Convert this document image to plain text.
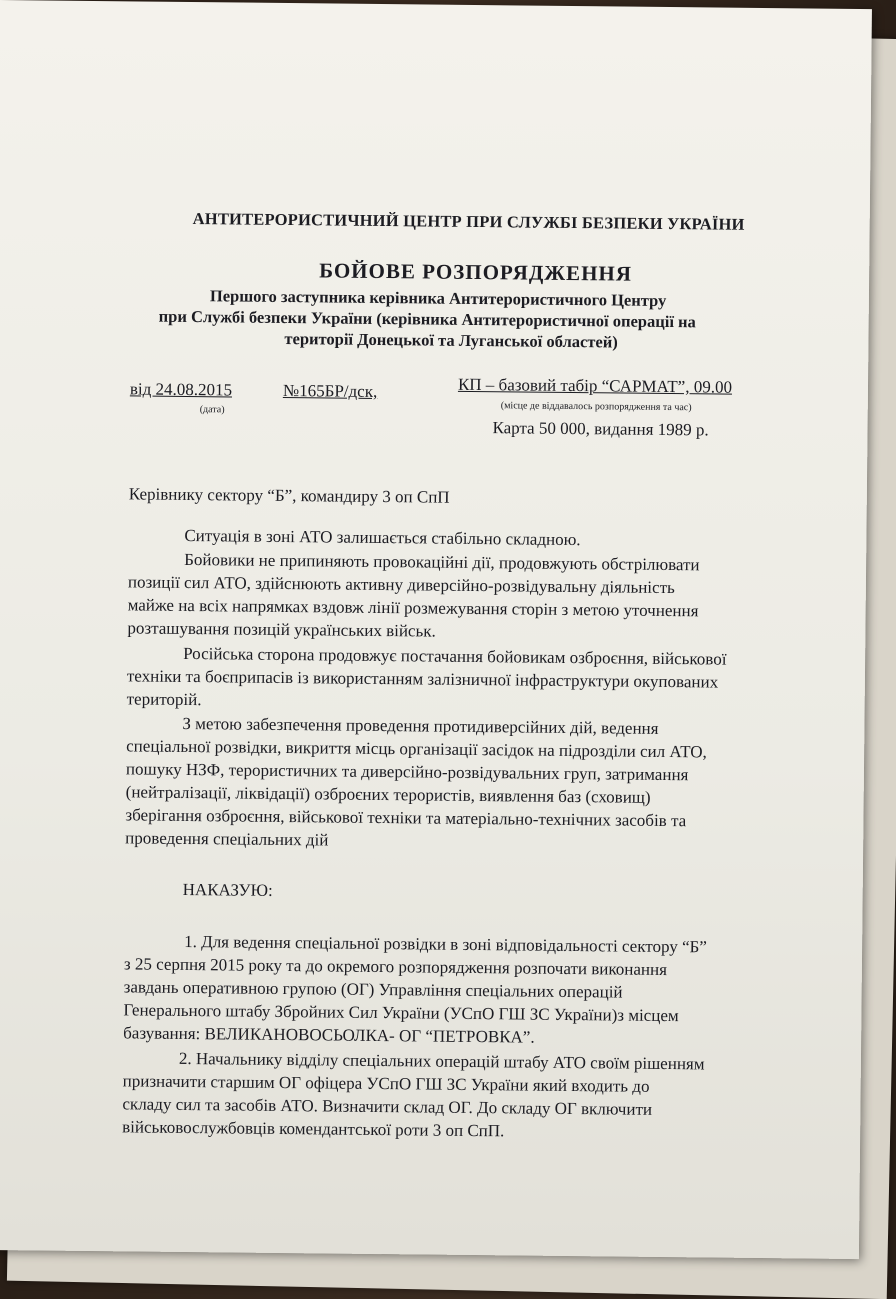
АНТИТЕРОРИСТИЧНИЙ ЦЕНТР ПРИ СЛУЖБІ БЕЗПЕКИ УКРАЇНИ
БОЙОВЕ РОЗПОРЯДЖЕННЯ
Першого заступника керівника Антитерористичного Центру
при Службі безпеки України (керівника Антитерористичної операції на
території Донецької та Луганської областей)
від 24.08.2015
(дата)
№165БР/дск,	КП – базовий табір “САРМАТ”, 09.00
(місце де віддавалось розпорядження та час)
Карта 50 000, видання 1989 р.
Керівнику сектору “Б”, командиру 3 оп СпП
Ситуація в зоні АТО залишається стабільно складною.
Бойовики не припиняють провокаційні дії, продовжують обстрілювати
позиції сил АТО, здійснюють активну диверсійно-розвідувальну діяльність
майже на всіх напрямках вздовж лінії розмежування сторін з метою уточнення
розташування позицій українських військ.
Російська сторона продовжує постачання бойовикам озброєння, військової
техніки та боєприпасів із використанням залізничної інфраструктури окупованих
територій.
З метою забезпечення проведення протидиверсійних дій, ведення
спеціальної розвідки, викриття місць організації засідок на підрозділи сил АТО,
пошуку НЗФ, терористичних та диверсійно-розвідувальних груп, затримання
(нейтралізації, ліквідації) озброєних терористів, виявлення баз (сховищ)
зберігання озброєння, військової техніки та матеріально-технічних засобів та
проведення спеціальних дій
НАКАЗУЮ:
1. Для ведення спеціальної розвідки в зоні відповідальності сектору “Б”
з 25 серпня 2015 року та до окремого розпорядження розпочати виконання
завдань оперативною групою (ОГ) Управління спеціальних операцій
Генерального штабу Збройних Сил України (УСпО ГШ ЗС України)з місцем
базування: ВЕЛИКАНОВОСЬОЛКА- ОГ “ПЕТРОВКА”.
2. Начальнику відділу спеціальних операцій штабу АТО своїм рішенням
призначити старшим ОГ офіцера УСпО ГШ ЗС України який входить до
складу сил та засобів АТО. Визначити склад ОГ. До складу ОГ включити
військовослужбовців комендантської роти 3 оп СпП.
